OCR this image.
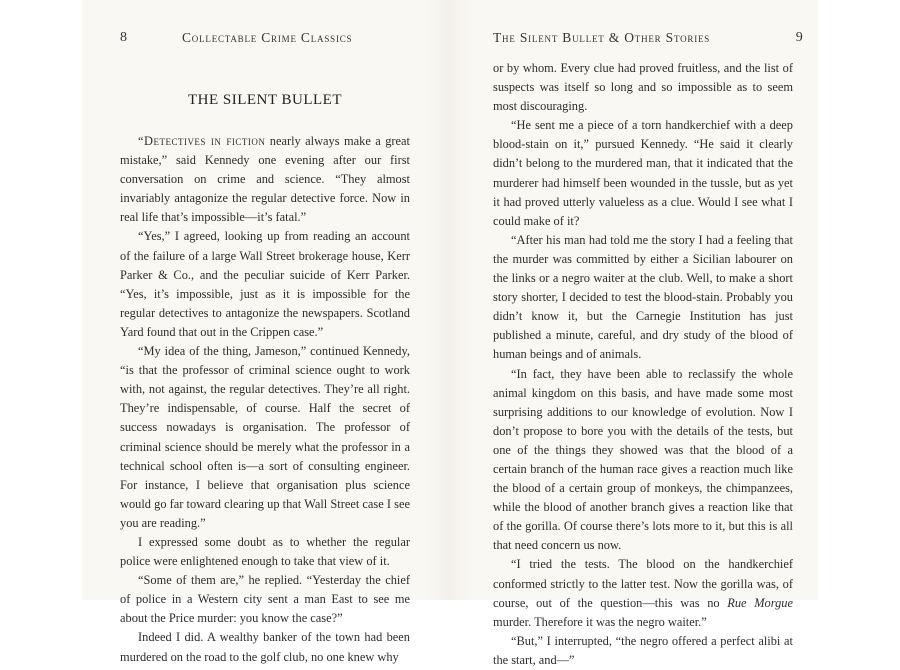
8	Collectable Crime Classics
THE SILENT BULLET

“Detectives in fiction nearly always make a great mistake,” said Kennedy one evening after our first conversation on crime and science. “They almost invariably antagonize the regular detective force. Now in real life that’s impossible—it’s fatal.”

“Yes,” I agreed, looking up from reading an account of the failure of a large Wall Street brokerage house, Kerr Parker & Co., and the peculiar suicide of Kerr Parker. “Yes, it’s impossible, just as it is impossible for the regular detectives to antagonize the newspapers. Scotland Yard found that out in the Crippen case.”

“My idea of the thing, Jameson,” continued Kennedy, “is that the professor of criminal science ought to work with, not against, the regular detectives. They’re all right. They’re indispensable, of course. Half the secret of success nowadays is organisation. The professor of criminal science should be merely what the professor in a technical school often is—a sort of consulting engineer. For instance, I believe that organisation plus science would go far toward clearing up that Wall Street case I see you are reading.”

I expressed some doubt as to whether the regular police were enlightened enough to take that view of it.

“Some of them are,” he replied. “Yesterday the chief of police in a Western city sent a man East to see me about the Price murder: you know the case?”

Indeed I did. A wealthy banker of the town had been murdered on the road to the golf club, no one knew why

The Silent Bullet & Other Stories	9

or by whom. Every clue had proved fruitless, and the list of suspects was itself so long and so impossible as to seem most discouraging.

“He sent me a piece of a torn handkerchief with a deep blood-stain on it,” pursued Kennedy. “He said it clearly didn’t belong to the murdered man, that it indicated that the murderer had himself been wounded in the tussle, but as yet it had proved utterly valueless as a clue. Would I see what I could make of it?

“After his man had told me the story I had a feeling that the murder was committed by either a Sicilian labourer on the links or a negro waiter at the club. Well, to make a short story shorter, I decided to test the blood-stain. Probably you didn’t know it, but the Carnegie Institution has just published a minute, careful, and dry study of the blood of human beings and of animals.

“In fact, they have been able to reclassify the whole animal kingdom on this basis, and have made some most surprising additions to our knowledge of evolution. Now I don’t propose to bore you with the details of the tests, but one of the things they showed was that the blood of a certain branch of the human race gives a reaction much like the blood of a certain group of monkeys, the chimpanzees, while the blood of another branch gives a reaction like that of the gorilla. Of course there’s lots more to it, but this is all that need concern us now.

“I tried the tests. The blood on the handkerchief conformed strictly to the latter test. Now the gorilla was, of course, out of the question—this was no Rue Morgue murder. Therefore it was the negro waiter.”

“But,” I interrupted, “the negro offered a perfect alibi at the start, and—”
